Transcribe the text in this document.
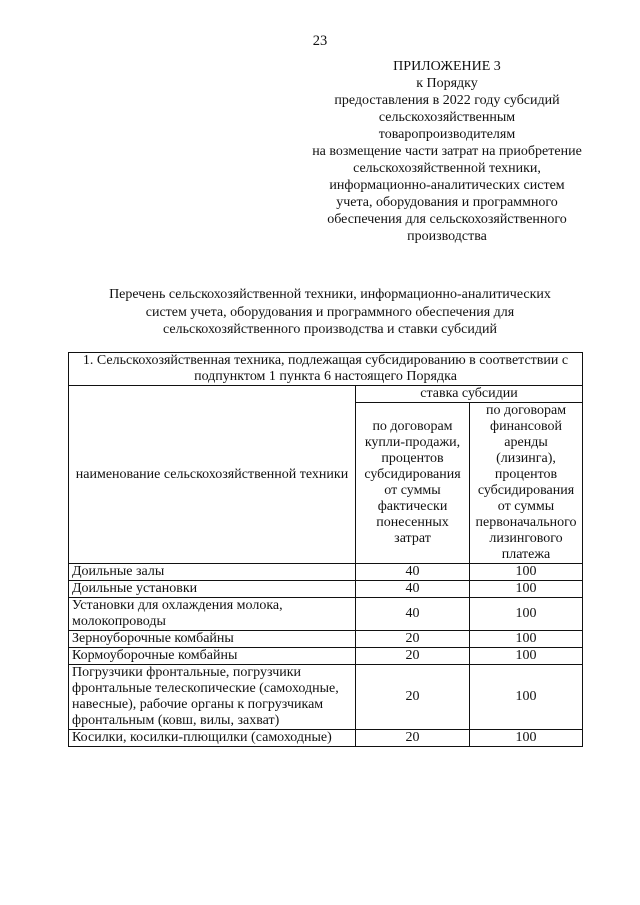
23
ПРИЛОЖЕНИЕ 3
к Порядку
предоставления в 2022 году субсидий
сельскохозяйственным
товаропроизводителям
на возмещение части затрат на приобретение
сельскохозяйственной техники,
информационно-аналитических систем
учета, оборудования и программного
обеспечения для сельскохозяйственного
производства
Перечень сельскохозяйственной техники, информационно-аналитических
систем учета, оборудования и программного обеспечения для
сельскохозяйственного производства и ставки субсидий
1. Сельскохозяйственная техника, подлежащая субсидированию в соответствии с подпунктом 1 пункта 6 настоящего Порядка		
наименование сельскохозяйственной техники	ставка субсидии	
	по договорам купли-продажи, процентов субсидирования от суммы фактически понесенных затрат	по договорам финансовой аренды (лизинга), процентов субсидирования от суммы первоначального лизингового платежа
Доильные залы	40	100
Доильные установки	40	100
Установки для охлаждения молока, молокопроводы	40	100
Зерноуборочные комбайны	20	100
Кормоуборочные комбайны	20	100
Погрузчики фронтальные, погрузчики фронтальные телескопические (самоходные, навесные), рабочие органы к погрузчикам фронтальным (ковш, вилы, захват)	20	100
Косилки, косилки-плющилки (самоходные)	20	100
